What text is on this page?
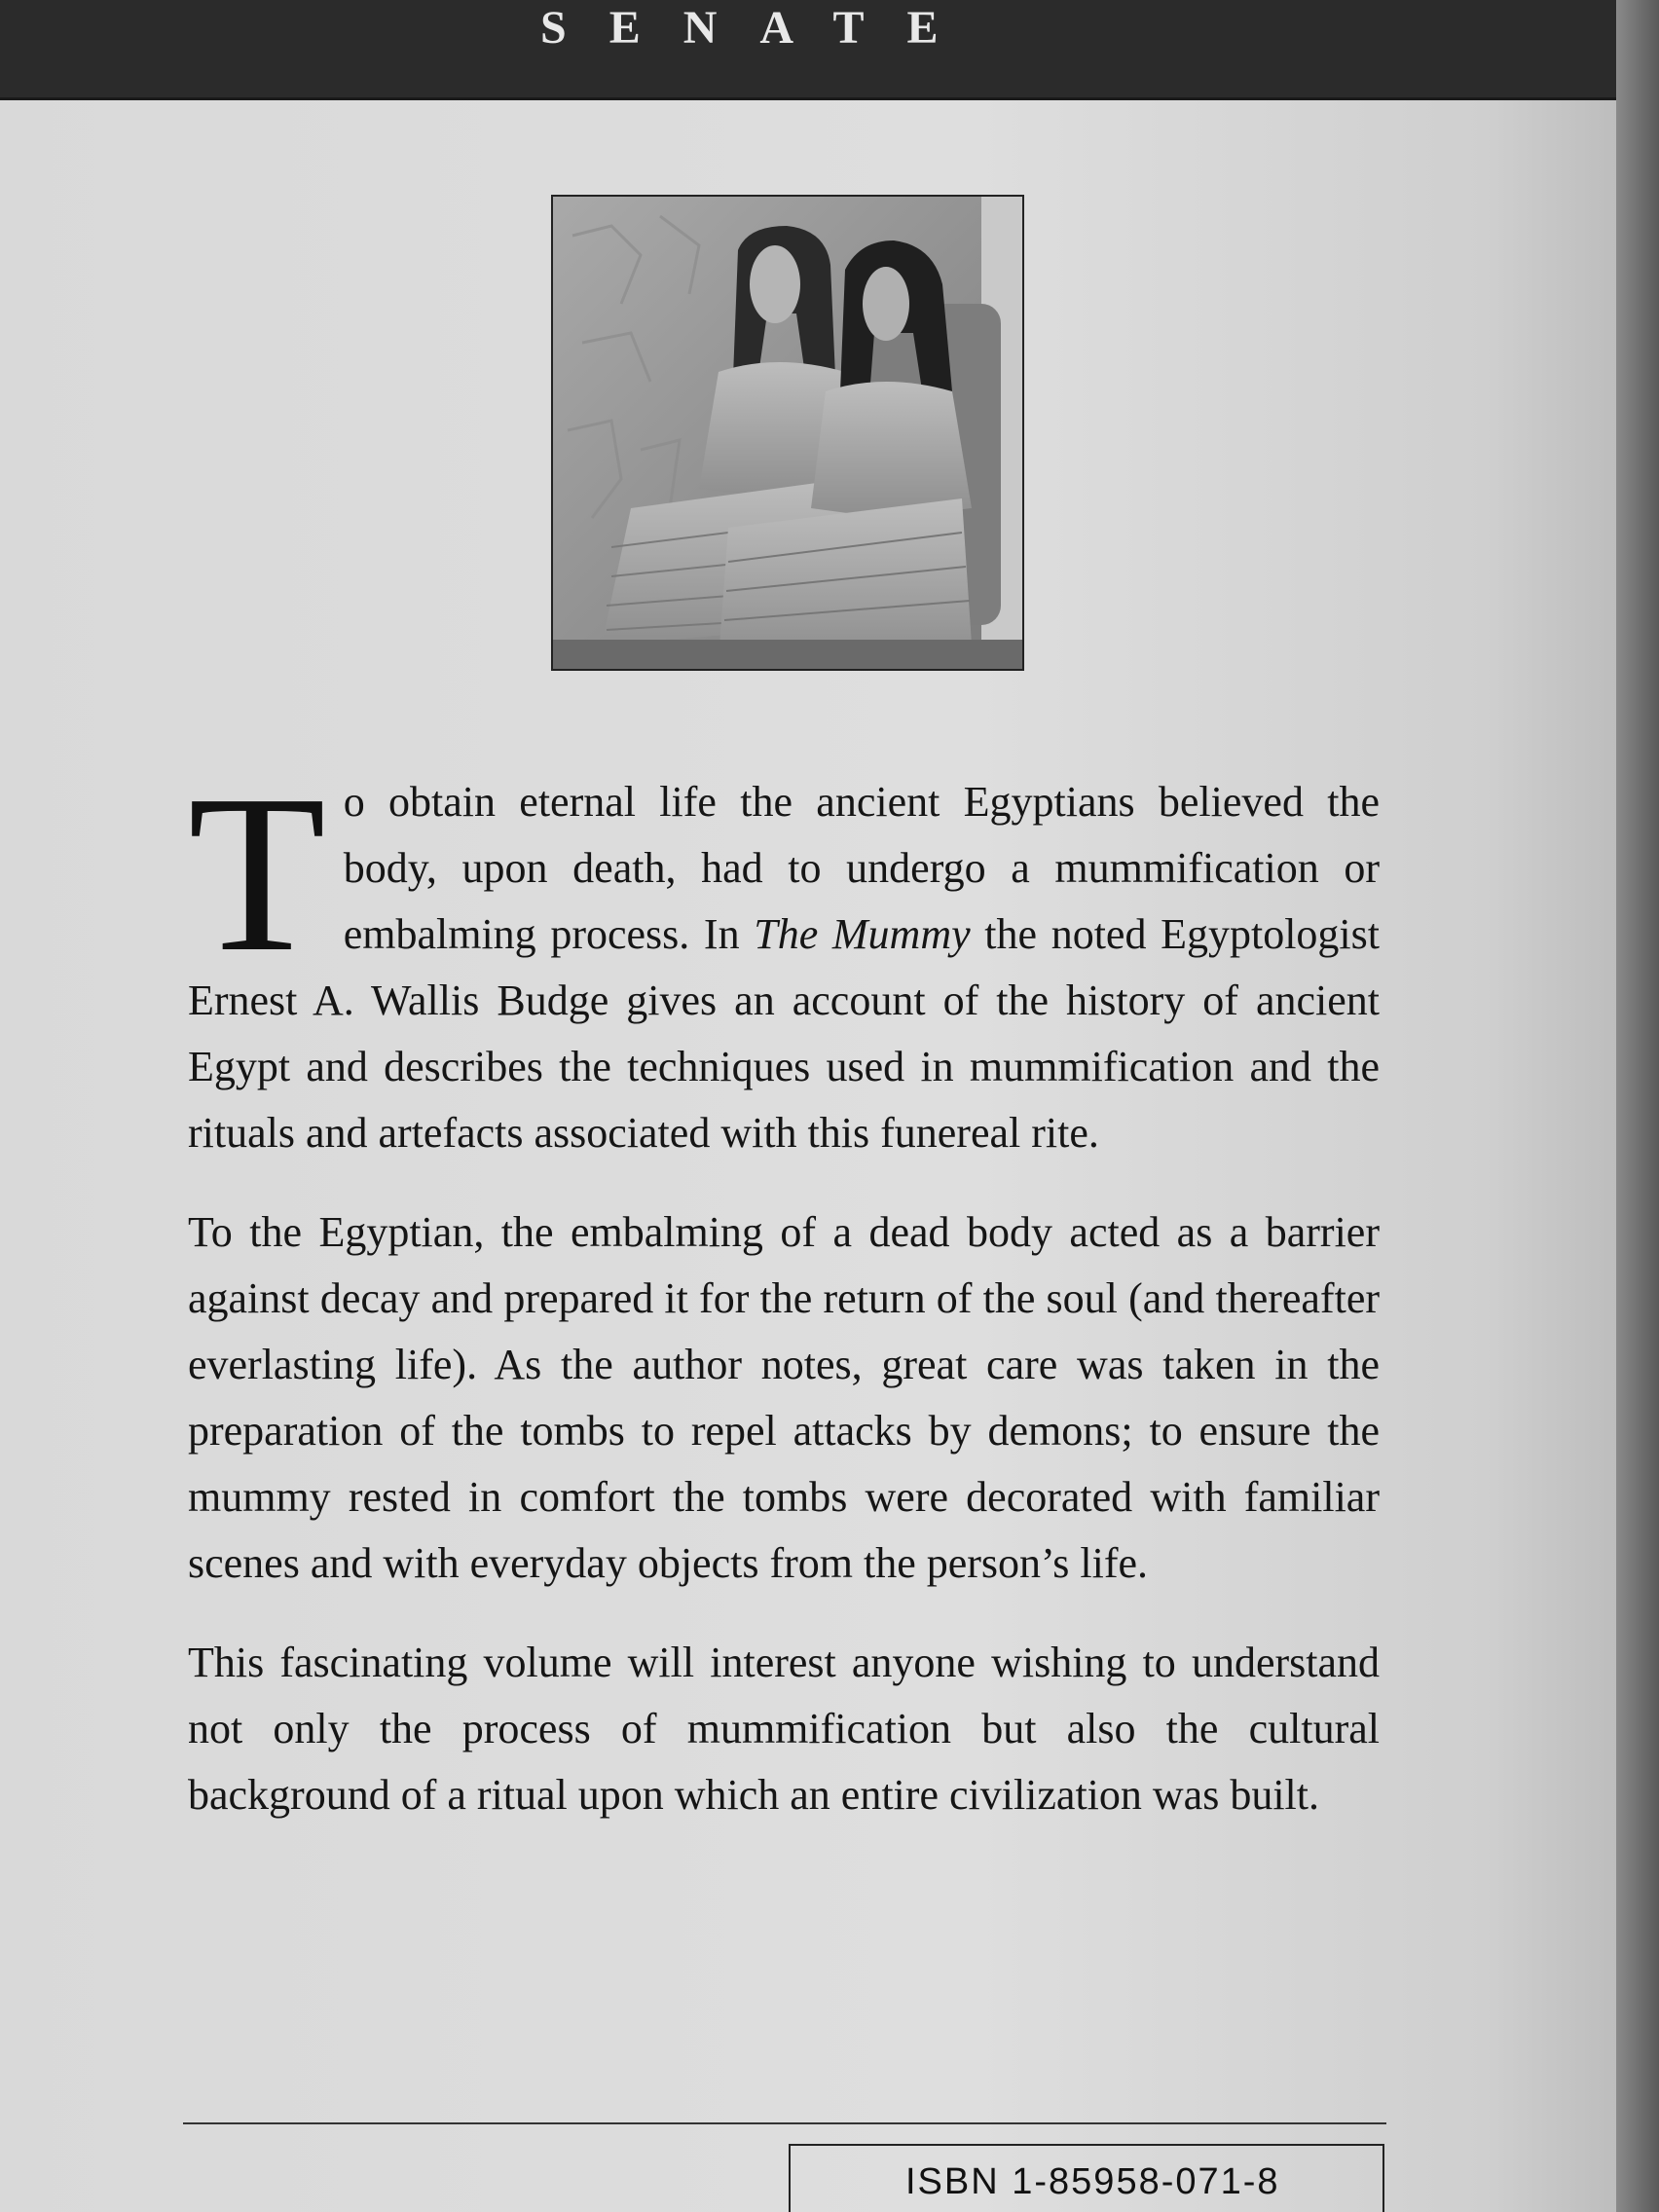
SENATE

To obtain eternal life the ancient Egyptians believed the body, upon death, had to undergo a mummification or embalming process. In The Mummy the noted Egyptologist Ernest A. Wallis Budge gives an account of the history of ancient Egypt and describes the techniques used in mummification and the rituals and artefacts associated with this funereal rite.

To the Egyptian, the embalming of a dead body acted as a barrier against decay and prepared it for the return of the soul (and thereafter everlasting life). As the author notes, great care was taken in the preparation of the tombs to repel attacks by demons; to ensure the mummy rested in comfort the tombs were decorated with familiar scenes and with everyday objects from the person’s life.

This fascinating volume will interest anyone wishing to understand not only the process of mummification but also the cultural background of a ritual upon which an entire civilization was built.

ISBN 1-85958-071-8
